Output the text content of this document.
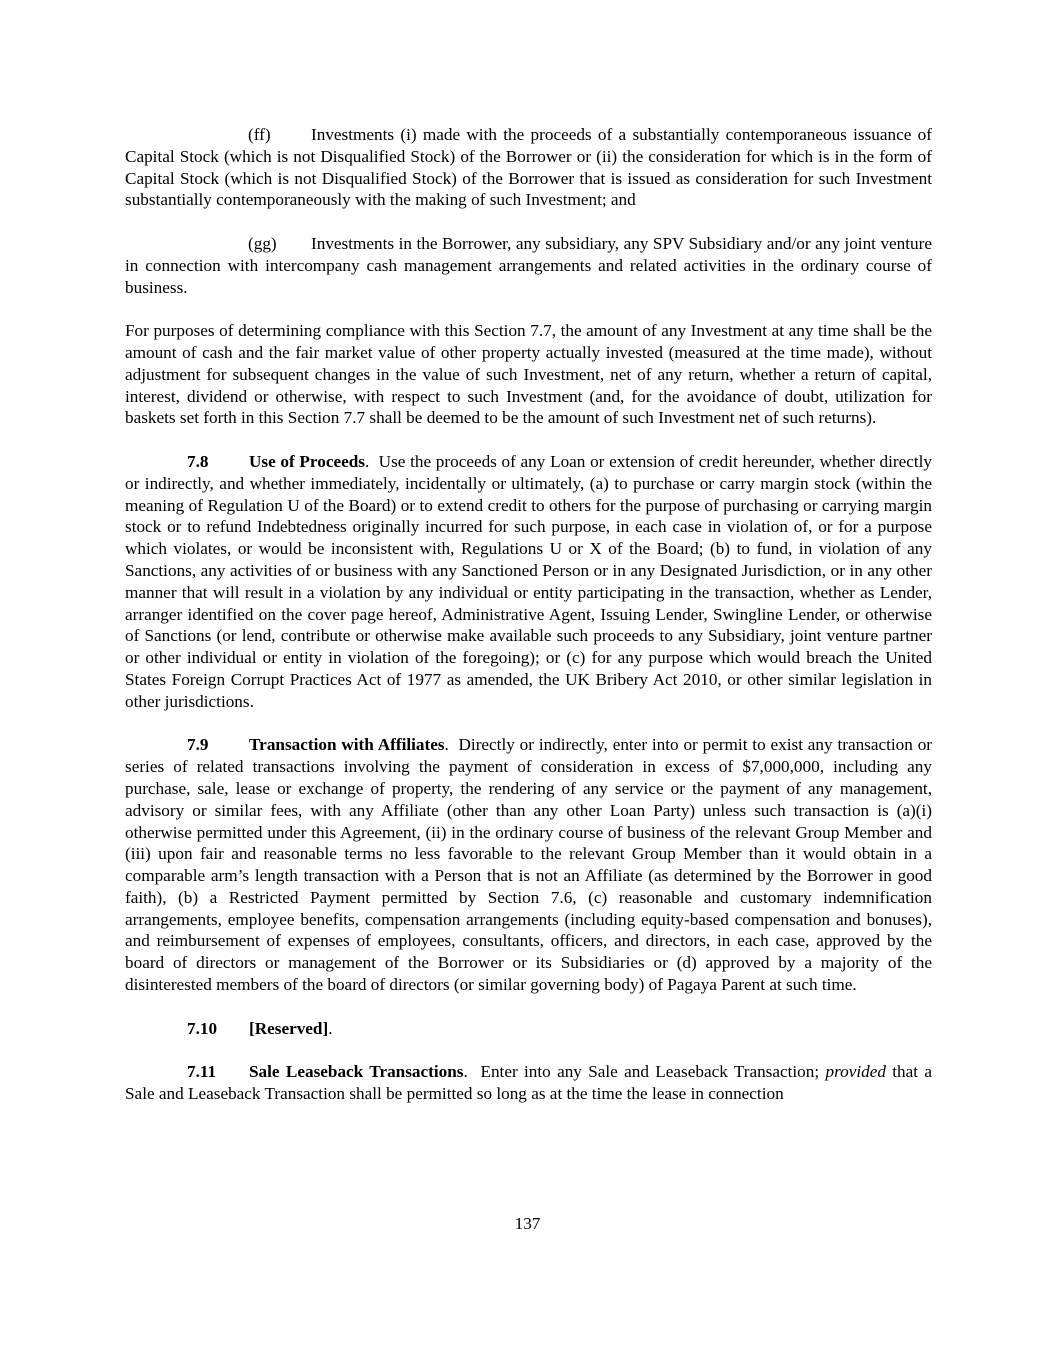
(ff) Investments (i) made with the proceeds of a substantially contemporaneous issuance of Capital Stock (which is not Disqualified Stock) of the Borrower or (ii) the consideration for which is in the form of Capital Stock (which is not Disqualified Stock) of the Borrower that is issued as consideration for such Investment substantially contemporaneously with the making of such Investment; and

(gg) Investments in the Borrower, any subsidiary, any SPV Subsidiary and/or any joint venture in connection with intercompany cash management arrangements and related activities in the ordinary course of business.

For purposes of determining compliance with this Section 7.7, the amount of any Investment at any time shall be the amount of cash and the fair market value of other property actually invested (measured at the time made), without adjustment for subsequent changes in the value of such Investment, net of any return, whether a return of capital, interest, dividend or otherwise, with respect to such Investment (and, for the avoidance of doubt, utilization for baskets set forth in this Section 7.7 shall be deemed to be the amount of such Investment net of such returns).

7.8 Use of Proceeds.  Use the proceeds of any Loan or extension of credit hereunder, whether directly or indirectly, and whether immediately, incidentally or ultimately, (a) to purchase or carry margin stock (within the meaning of Regulation U of the Board) or to extend credit to others for the purpose of purchasing or carrying margin stock or to refund Indebtedness originally incurred for such purpose, in each case in violation of, or for a purpose which violates, or would be inconsistent with, Regulations U or X of the Board; (b) to fund, in violation of any Sanctions, any activities of or business with any Sanctioned Person or in any Designated Jurisdiction, or in any other manner that will result in a violation by any individual or entity participating in the transaction, whether as Lender, arranger identified on the cover page hereof, Administrative Agent, Issuing Lender, Swingline Lender, or otherwise of Sanctions (or lend, contribute or otherwise make available such proceeds to any Subsidiary, joint venture partner or other individual or entity in violation of the foregoing); or (c) for any purpose which would breach the United States Foreign Corrupt Practices Act of 1977 as amended, the UK Bribery Act 2010, or other similar legislation in other jurisdictions.

7.9 Transaction with Affiliates.  Directly or indirectly, enter into or permit to exist any transaction or series of related transactions involving the payment of consideration in excess of $7,000,000, including any purchase, sale, lease or exchange of property, the rendering of any service or the payment of any management, advisory or similar fees, with any Affiliate (other than any other Loan Party) unless such transaction is (a)(i) otherwise permitted under this Agreement, (ii) in the ordinary course of business of the relevant Group Member and (iii) upon fair and reasonable terms no less favorable to the relevant Group Member than it would obtain in a comparable arm’s length transaction with a Person that is not an Affiliate (as determined by the Borrower in good faith), (b) a Restricted Payment permitted by Section 7.6, (c) reasonable and customary indemnification arrangements, employee benefits, compensation arrangements (including equity-based compensation and bonuses), and reimbursement of expenses of employees, consultants, officers, and directors, in each case, approved by the board of directors or management of the Borrower or its Subsidiaries or (d) approved by a majority of the disinterested members of the board of directors (or similar governing body) of Pagaya Parent at such time.

7.10 [Reserved].

7.11 Sale Leaseback Transactions.  Enter into any Sale and Leaseback Transaction; provided that a Sale and Leaseback Transaction shall be permitted so long as at the time the lease in connection

137
